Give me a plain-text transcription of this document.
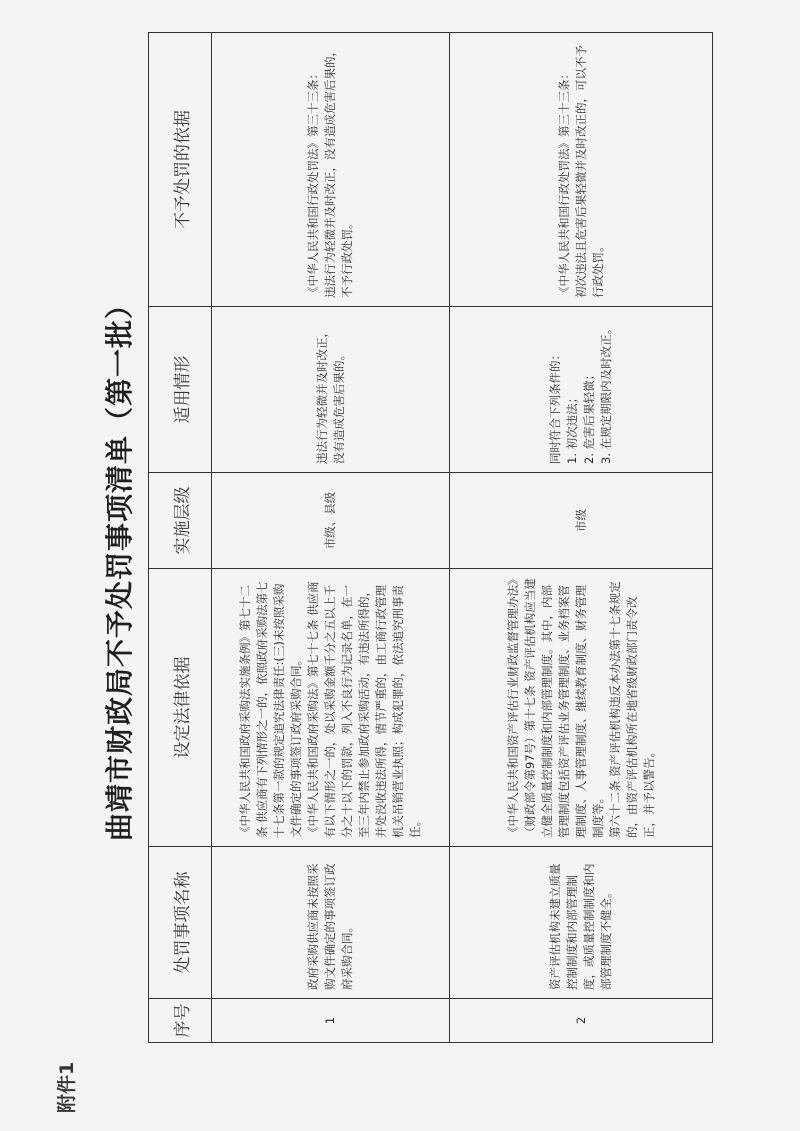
附件1
曲靖市财政局不予处罚事项清单（第一批）
序号	处罚事项名称	设定法律依据	实施层级	适用情形	不予处罚的依据
1	政府采购供应商未按照采购文件确定的事项签订政府采购合同。	《中华人民共和国政府采购法实施条例》第七十二条 供应商有下列情形之一的，依照政府采购法第七十七条第一款的规定追究法律责任:(三)未按照采购文件确定的事项签订政府采购合同。
《中华人民共和国政府采购法》第七十七条 供应商有以下情形之一的，处以采购金额千分之五以上千分之十以下的罚款，列入不良行为记录名单，在一至三年内禁止参加政府采购活动，有违法所得的，并处没收违法所得，情节严重的，由工商行政管理机关吊销营业执照；构成犯罪的，依法追究刑事责任。	市级、县级	违法行为轻微并及时改正，没有造成危害后果的。	《中华人民共和国行政处罚法》第三十三条：
违法行为轻微并及时改正，没有造成危害后果的，不予行政处罚。
2	资产评估机构未建立质量控制制度和内部管理制度，或质量控制制度和内部管理制度不健全。	《中华人民共和国资产评估行业财政监督管理办法》（财政部令第97号）第十七条 资产评估机构应当建立健全质量控制制度和内部管理制度。其中，内部管理制度包括资产评估业务管理制度、业务档案管理制度、人事管理制度、继续教育制度、财务管理制度等。
第六十二条 资产评估机构违反本办法第十七条规定的，由资产评估机构所在地省级财政部门责令改正，并予以警告。	市级	同时符合下列条件的：
1. 初次违法；
2. 危害后果轻微；
3. 在规定期限内及时改正。	《中华人民共和国行政处罚法》第三十三条：
初次违法且危害后果轻微并及时改正的，可以不予行政处罚。
